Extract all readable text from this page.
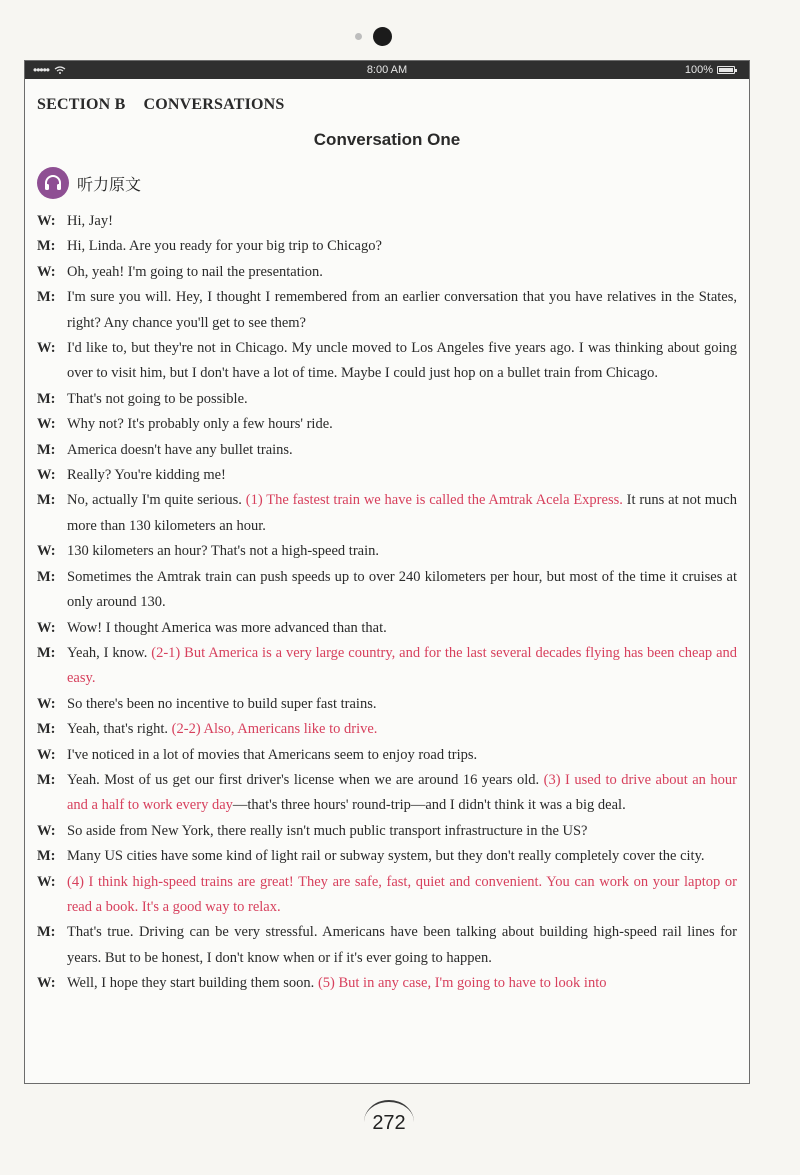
•••••	8:00 AM	100%
SECTION B CONVERSATIONS
Conversation One
听力原文
W: Hi, Jay!
M: Hi, Linda. Are you ready for your big trip to Chicago?
W: Oh, yeah! I'm going to nail the presentation.
M: I'm sure you will. Hey, I thought I remembered from an earlier conversation that you have relatives in the States, right? Any chance you'll get to see them?
W: I'd like to, but they're not in Chicago. My uncle moved to Los Angeles five years ago. I was thinking about going over to visit him, but I don't have a lot of time. Maybe I could just hop on a bullet train from Chicago.
M: That's not going to be possible.
W: Why not? It's probably only a few hours' ride.
M: America doesn't have any bullet trains.
W: Really? You're kidding me!
M: No, actually I'm quite serious. (1) The fastest train we have is called the Amtrak Acela Express. It runs at not much more than 130 kilometers an hour.
W: 130 kilometers an hour? That's not a high-speed train.
M: Sometimes the Amtrak train can push speeds up to over 240 kilometers per hour, but most of the time it cruises at only around 130.
W: Wow! I thought America was more advanced than that.
M: Yeah, I know. (2-1) But America is a very large country, and for the last several decades flying has been cheap and easy.
W: So there's been no incentive to build super fast trains.
M: Yeah, that's right. (2-2) Also, Americans like to drive.
W: I've noticed in a lot of movies that Americans seem to enjoy road trips.
M: Yeah. Most of us get our first driver's license when we are around 16 years old. (3) I used to drive about an hour and a half to work every day—that's three hours' round-trip—and I didn't think it was a big deal.
W: So aside from New York, there really isn't much public transport infrastructure in the US?
M: Many US cities have some kind of light rail or subway system, but they don't really completely cover the city.
W: (4) I think high-speed trains are great! They are safe, fast, quiet and convenient. You can work on your laptop or read a book. It's a good way to relax.
M: That's true. Driving can be very stressful. Americans have been talking about building high-speed rail lines for years. But to be honest, I don't know when or if it's ever going to happen.
W: Well, I hope they start building them soon. (5) But in any case, I'm going to have to look into
272
